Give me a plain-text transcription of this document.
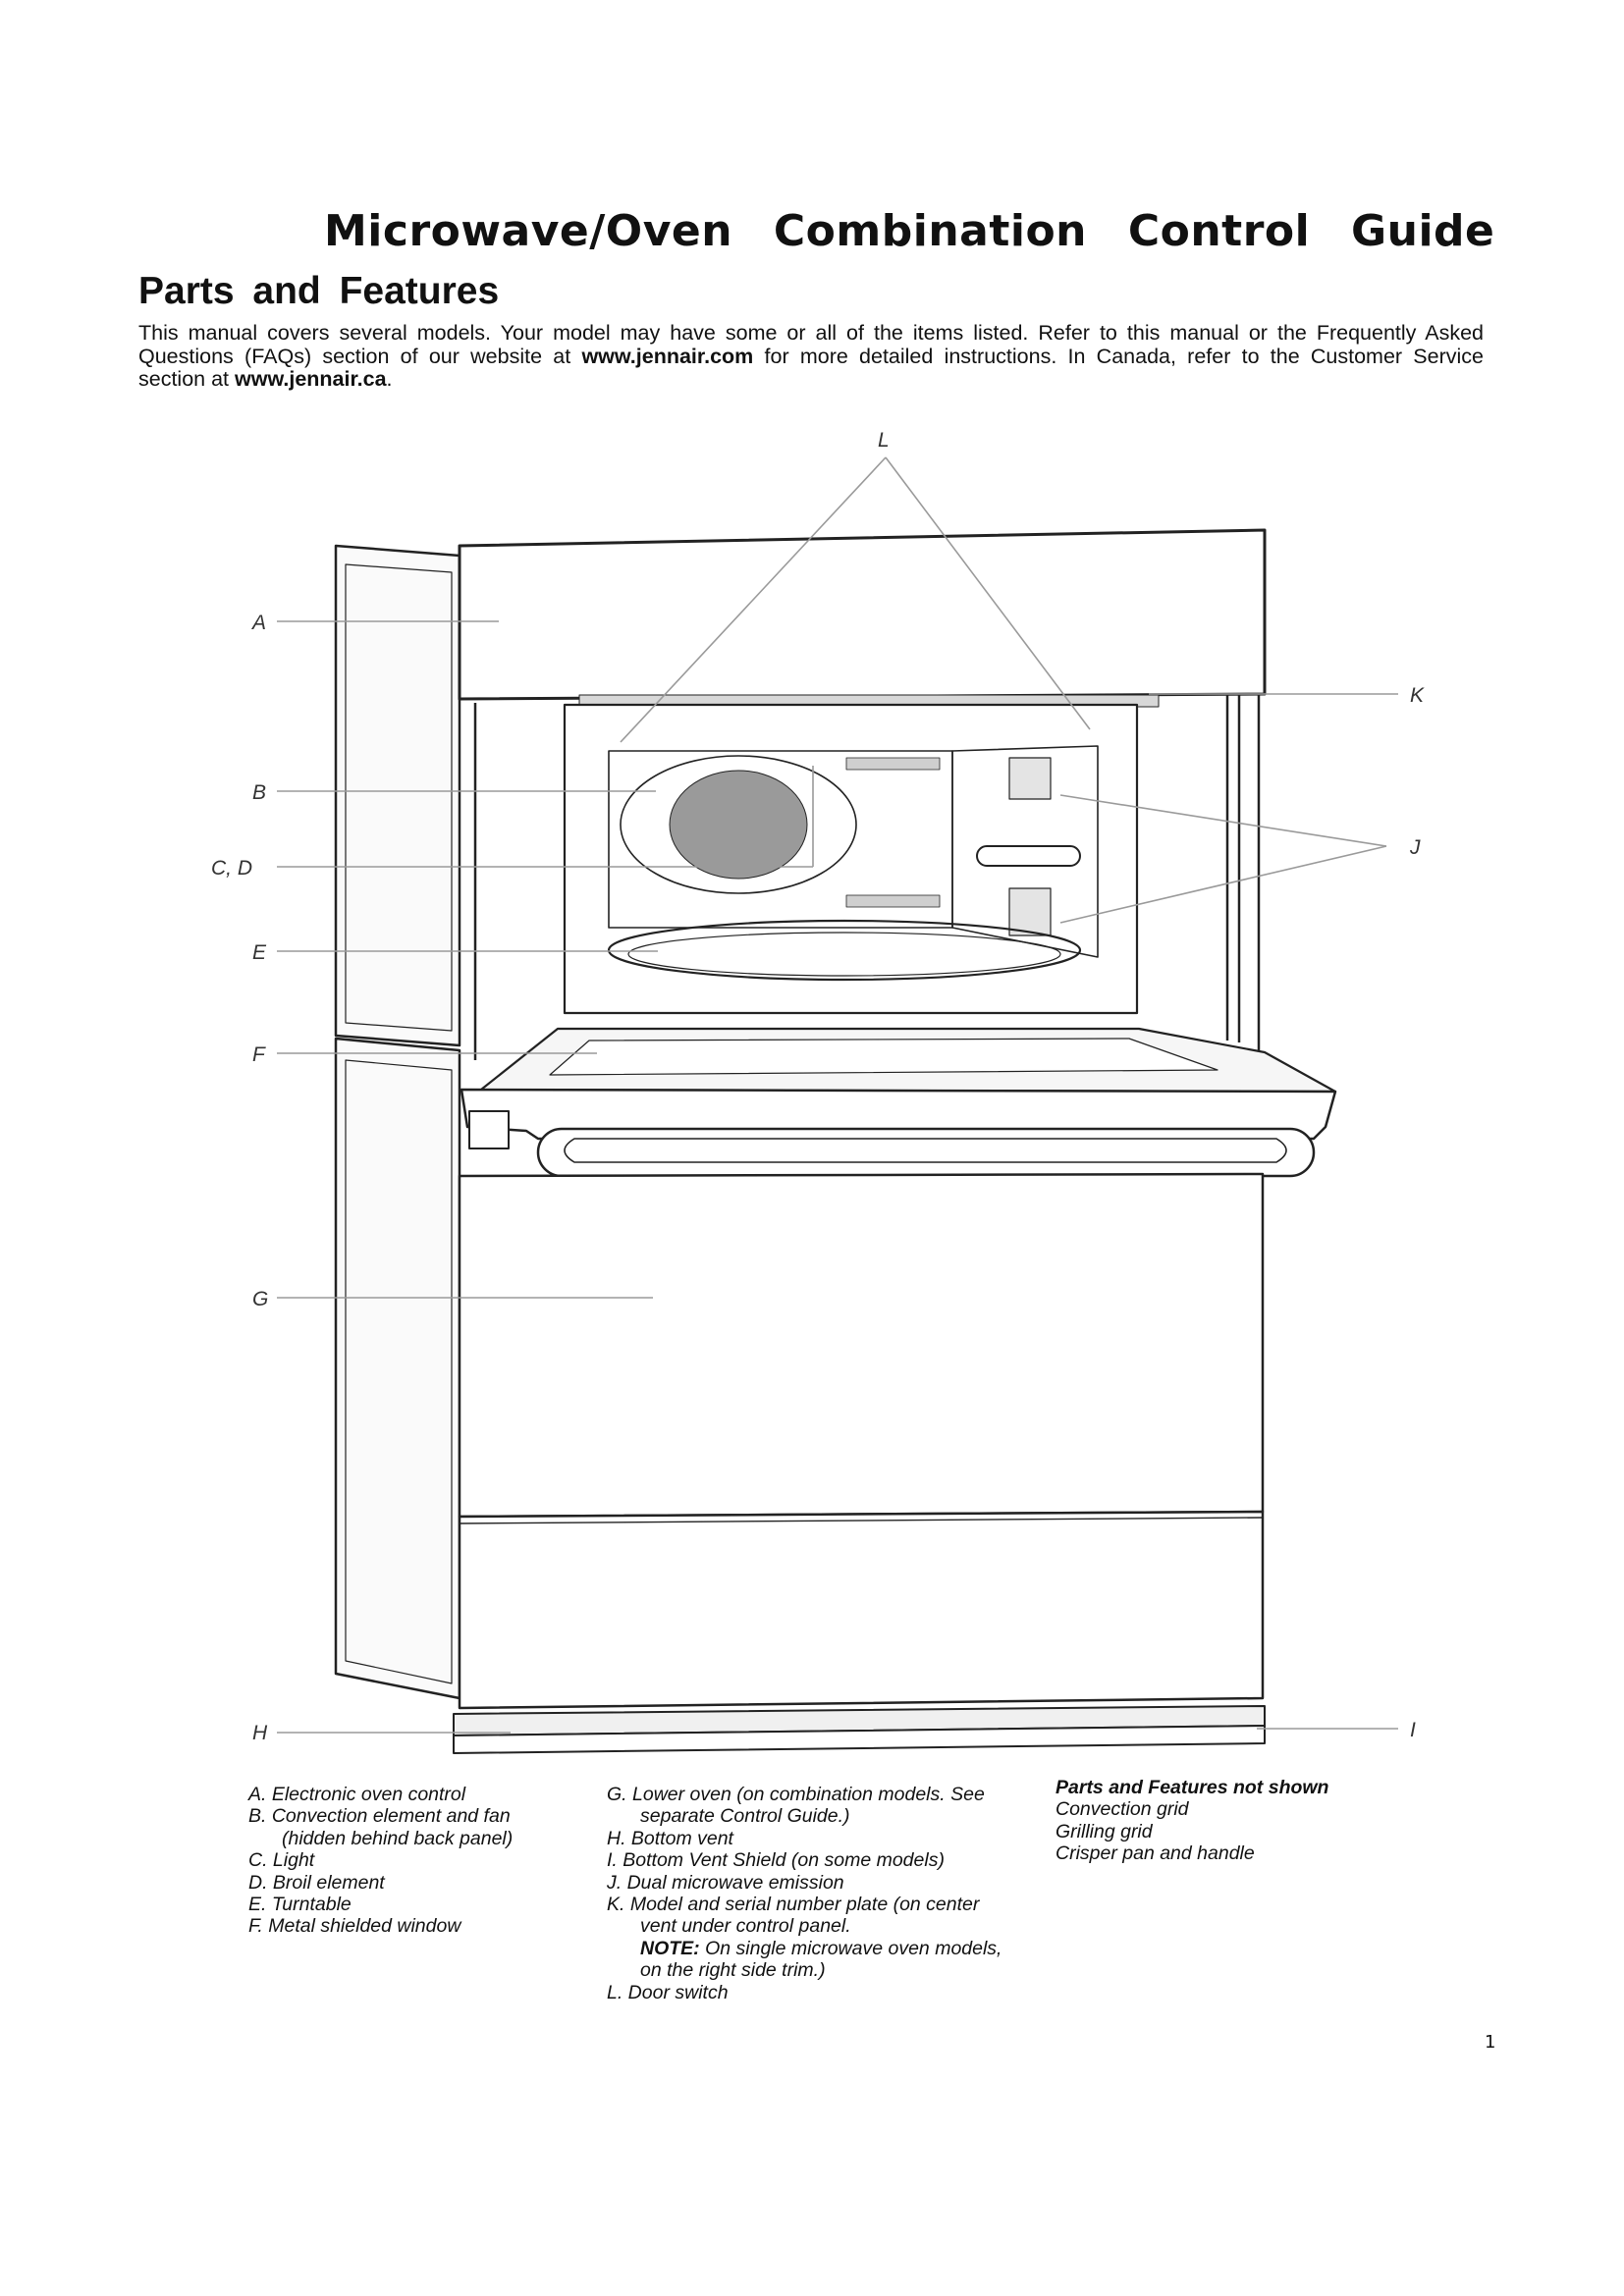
Microwave/Oven Combination Control Guide
Parts and Features
This manual covers several models. Your model may have some or all of the items listed. Refer to this manual or the Frequently Asked
Questions (FAQs) section of our website at www.jennair.com for more detailed instructions. In Canada, refer to the Customer Service
section at www.jennair.ca.
A
B
C, D
E
F
G
H	I
J
K
L
A. Electronic oven control
B. Convection element and fan
(hidden behind back panel)
C. Light
D. Broil element
E. Turntable
F. Metal shielded window
G. Lower oven (on combination models. See
separate Control Guide.)
H. Bottom vent
I. Bottom Vent Shield (on some models)
J. Dual microwave emission
K. Model and serial number plate (on center
vent under control panel.
NOTE: On single microwave oven models,
on the right side trim.)
L. Door switch
Parts and Features not shown
Convection grid
Grilling grid
Crisper pan and handle
1
